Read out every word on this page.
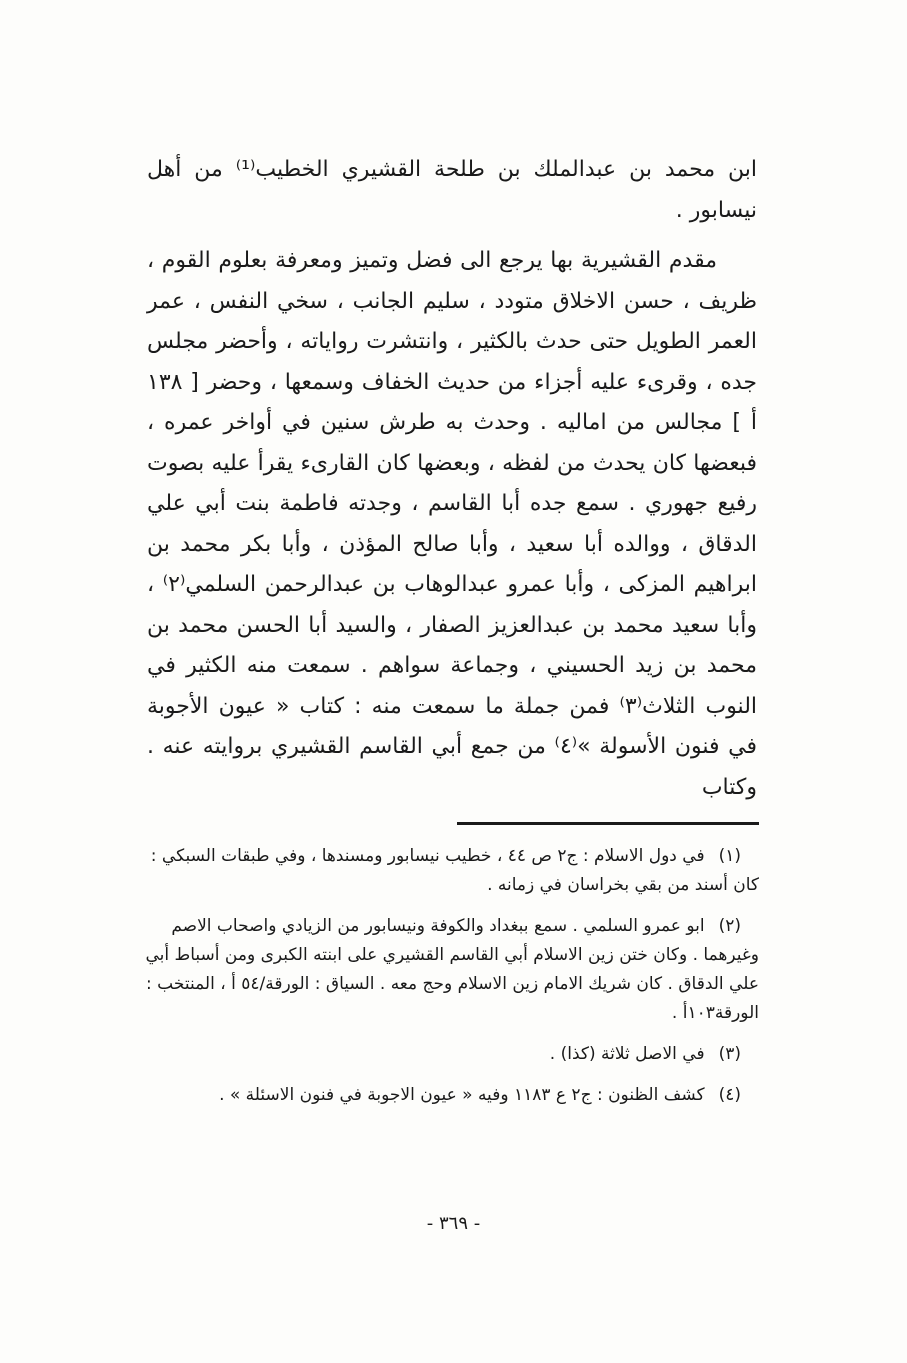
ابن محمد بن عبدالملك بن طلحة القشيري الخطيب⁽¹⁾ من أهل نيسابور .

مقدم القشيرية بها يرجع الى فضل وتميز ومعرفة بعلوم القوم ، ظريف ، حسن الاخلاق متودد ، سليم الجانب ، سخي النفس ، عمر العمر الطويل حتى حدث بالكثير ، وانتشرت رواياته ، وأحضر مجلس جده ، وقرىء عليه أجزاء من حديث الخفاف وسمعها ، وحضر [ ١٣٨ أ ] مجالس من اماليه . وحدث به طرش سنين في أواخر عمره ، فبعضها كان يحدث من لفظه ، وبعضها كان القارىء يقرأ عليه بصوت رفيع جهوري . سمع جده أبا القاسم ، وجدته فاطمة بنت أبي علي الدقاق ، ووالده أبا سعيد ، وأبا صالح المؤذن ، وأبا بكر محمد بن ابراهيم المزكى ، وأبا عمرو عبدالوهاب بن عبدالرحمن السلمي⁽٢⁾ ، وأبا سعيد محمد بن عبدالعزيز الصفار ، والسيد أبا الحسن محمد بن محمد بن زيد الحسيني ، وجماعة سواهم . سمعت منه الكثير في النوب الثلاث⁽٣⁾ فمن جملة ما سمعت منه : كتاب « عيون الأجوبة في فنون الأسولة »⁽٤⁾ من جمع أبي القاسم القشيري بروايته عنه . وكتاب

(١)في دول الاسلام : ج٢ ص ٤٤ ، خطيب نيسابور ومسندها ، وفي طبقات السبكي : كان أسند من بقي بخراسان في زمانه .

(٢)ابو عمرو السلمي . سمع ببغداد والكوفة ونيسابور من الزيادي واصحاب الاصم وغيرهما . وكان ختن زين الاسلام أبي القاسم القشيري على ابنته الكبرى ومن أسباط أبي علي الدقاق . كان شريك الامام زين الاسلام وحج معه . السياق : الورقة/٥٤ أ ، المنتخب : الورقة١٠٣أ .

(٣)في الاصل ثلاثة (كذا) .

(٤)كشف الظنون : ج٢ ع ١١٨٣ وفيه « عيون الاجوبة في فنون الاسئلة » .

- ٣٦٩ -
